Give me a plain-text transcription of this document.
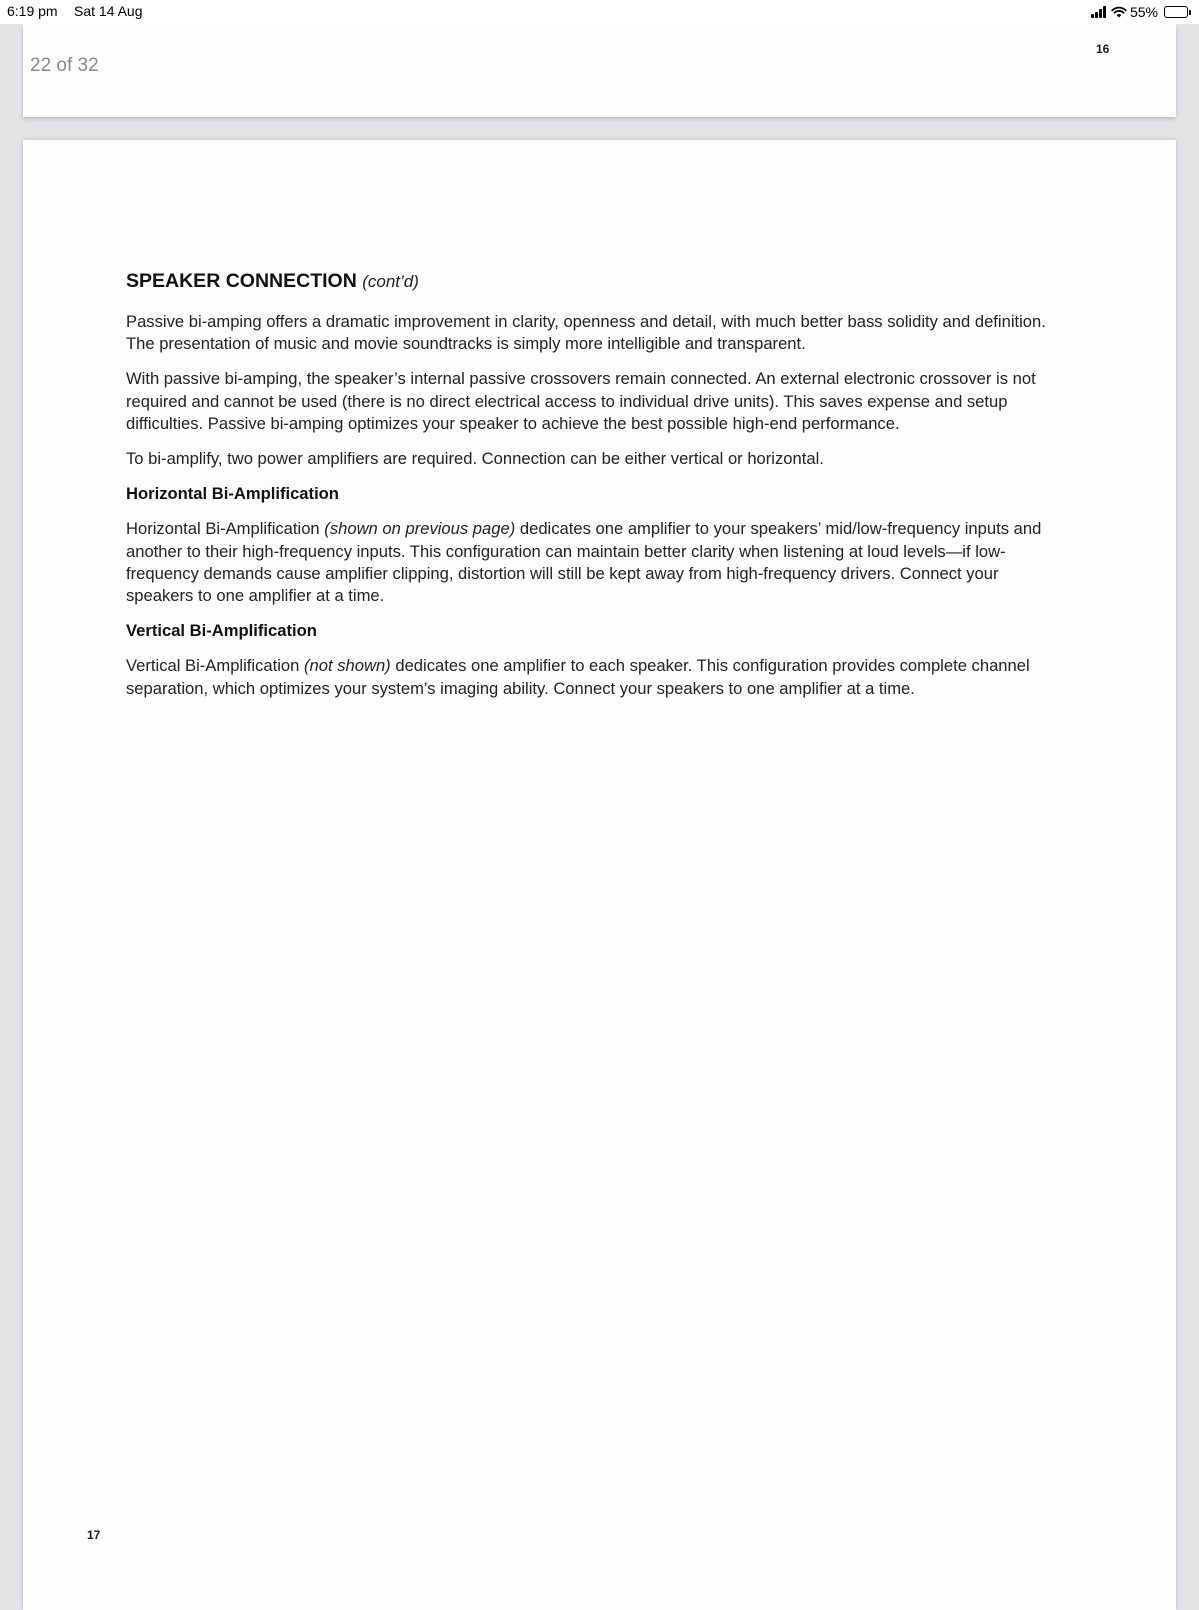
6:19 pm Sat 14 Aug	55%
16
22 of 32
SPEAKER CONNECTION (cont’d)

Passive bi-amping offers a dramatic improvement in clarity, openness and detail, with much better bass solidity and definition. The presentation of music and movie soundtracks is simply more intelligible and transparent.

With passive bi-amping, the speaker’s internal passive crossovers remain connected. An external electronic crossover is not required and cannot be used (there is no direct electrical access to individual drive units). This saves expense and setup difficulties. Passive bi-amping optimizes your speaker to achieve the best possible high-end performance.

To bi-amplify, two power amplifiers are required. Connection can be either vertical or horizontal.

Horizontal Bi-Amplification

Horizontal Bi-Amplification (shown on previous page) dedicates one amplifier to your speakers’ mid/low-frequency inputs and another to their high-frequency inputs. This configuration can maintain better clarity when listening at loud levels—if low-frequency demands cause amplifier clipping, distortion will still be kept away from high-frequency drivers. Connect your speakers to one amplifier at a time.

Vertical Bi-Amplification

Vertical Bi-Amplification (not shown) dedicates one amplifier to each speaker. This configuration provides complete channel separation, which optimizes your system’s imaging ability. Connect your speakers to one amplifier at a time.

17
